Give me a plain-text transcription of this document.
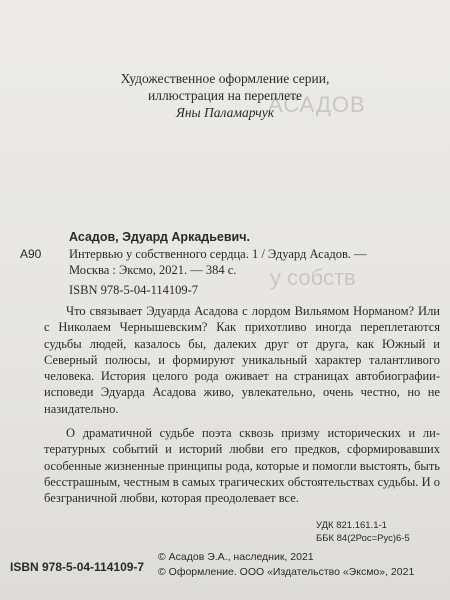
АСАДОВ
у собств
Художественное оформление серии,
иллюстрация на переплете
Яны Паламарчук
Асадов, Эдуард Аркадьевич.
А90 Интервью у собственного сердца. 1 / Эдуард Асадов. —
Москва : Эксмо, 2021. — 384 с.
ISBN 978-5-04-114109-7

Что связывает Эдуарда Асадова с лордом Вильямом Норманом? Или с Николаем Чернышевским? Как прихотливо иногда переплетаются судьбы людей, казалось бы, далеких друг от друга, как Южный и Северный полюсы, и формируют уникальный характер талантливого человека. История целого рода оживает на страницах автобиографии-исповеди Эдуарда Асадова живо, увлекательно, очень честно, но не назидательно.

О драматичной судьбе поэта сквозь призму исторических и литературных событий и историй любви его предков, сформировавших особенные жизненные принципы рода, которые и помогли выстоять, быть бесстрашным, честным в самых трагических обстоятельствах судьбы. И о безграничной любви, которая преодолевает все.

УДК 821.161.1-1
ББК 84(2Рос=Рус)6-5
ISBN 978-5-04-114109-7
© Асадов Э.А., наследник, 2021
© Оформление. ООО «Издательство «Эксмо», 2021
